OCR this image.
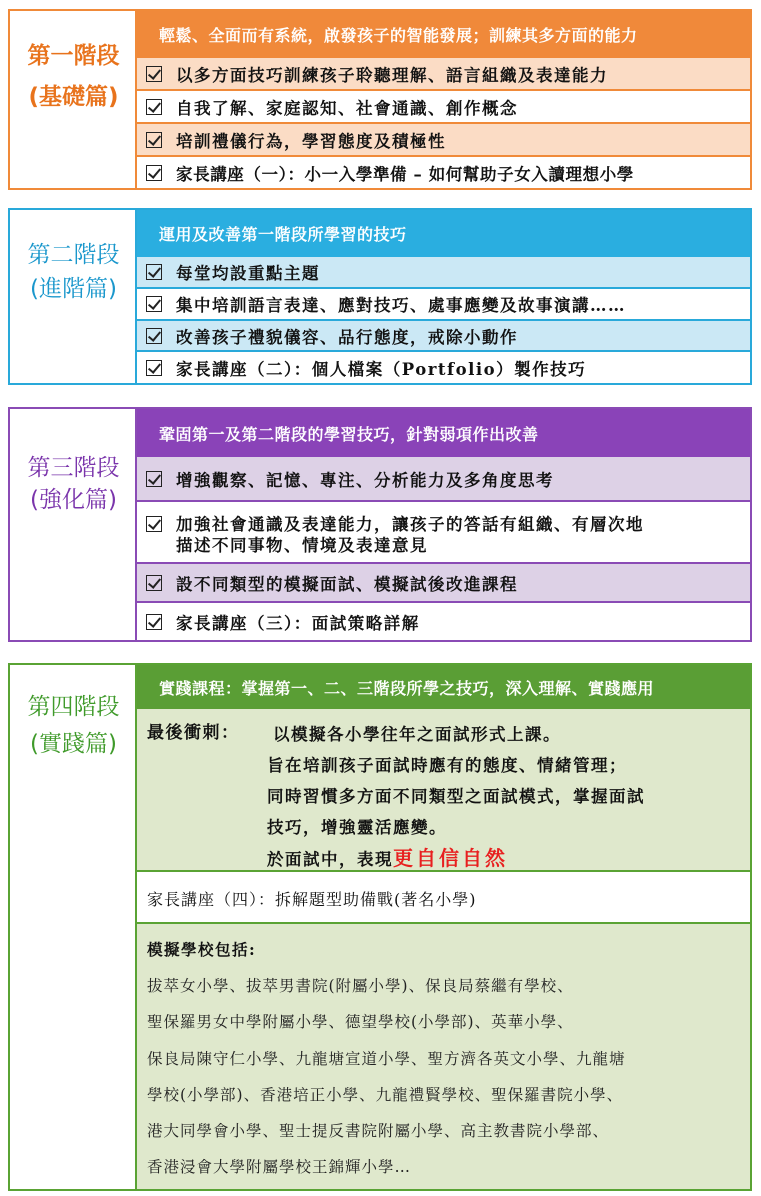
第一階段
(基礎篇)
輕鬆、全面而有系統，啟發孩子的智能發展；訓練其多方面的能力
以多方面技巧訓練孩子聆聽理解、語言組織及表達能力
自我了解、家庭認知、社會通識、創作概念
培訓禮儀行為，學習態度及積極性
家長講座（一）：小一入學準備 – 如何幫助子女入讀理想小學
第二階段
(進階篇)
運用及改善第一階段所學習的技巧
每堂均設重點主題
集中培訓語言表達、應對技巧、處事應變及故事演講……
改善孩子禮貌儀容、品行態度，戒除小動作
家長講座（二）：個人檔案（Portfolio）製作技巧
第三階段
(強化篇)
鞏固第一及第二階段的學習技巧，針對弱項作出改善
增強觀察、記憶、專注、分析能力及多角度思考
加強社會通識及表達能力，讓孩子的答話有組織、有層次地
描述不同事物、情境及表達意見
設不同類型的模擬面試、模擬試後改進課程
家長講座（三）：面試策略詳解
第四階段
(實踐篇)
實踐課程：掌握第一、二、三階段所學之技巧，深入理解、實踐應用
最後衝刺： 以模擬各小學往年之面試形式上課。
旨在培訓孩子面試時應有的態度、情緒管理；
同時習慣多方面不同類型之面試模式，掌握面試
技巧，增強靈活應變。
於面試中，表現更自信自然
家長講座（四）：拆解題型助備戰(著名小學)
模擬學校包括:
拔萃女小學、拔萃男書院(附屬小學)、保良局蔡繼有學校、
聖保羅男女中學附屬小學、德望學校(小學部)、英華小學、
保良局陳守仁小學、九龍塘宣道小學、聖方濟各英文小學、九龍塘
學校(小學部)、香港培正小學、九龍禮賢學校、聖保羅書院小學、
港大同學會小學、聖士提反書院附屬小學、高主教書院小學部、
香港浸會大學附屬學校王錦輝小學…
